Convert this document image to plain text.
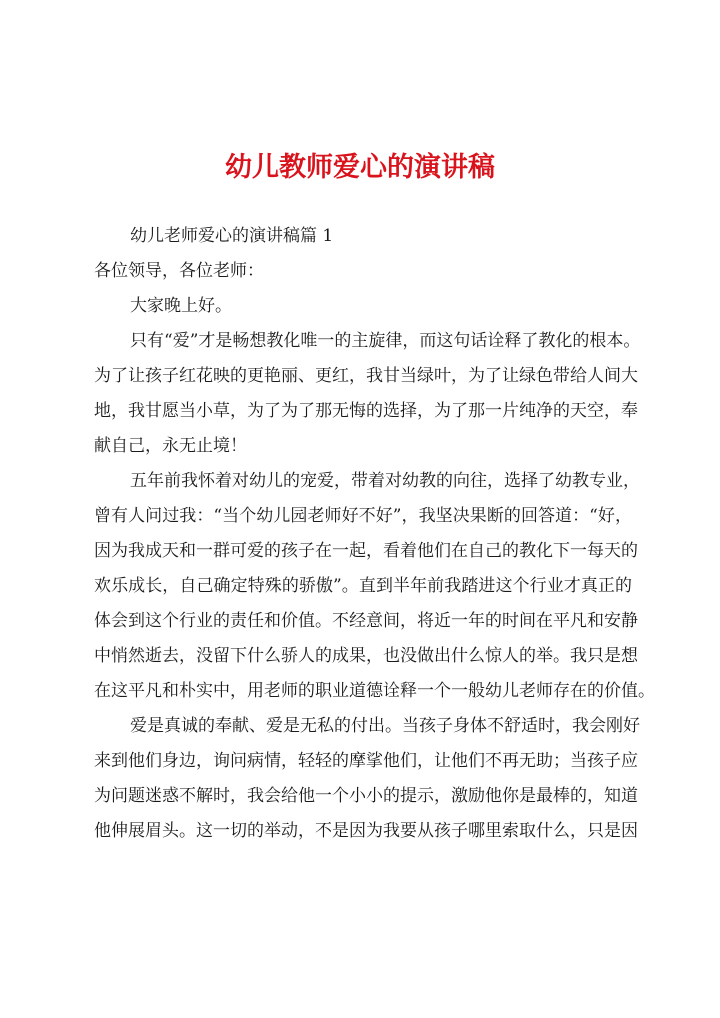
幼儿教师爱心的演讲稿
幼儿老师爱心的演讲稿篇 1
各位领导，各位老师：
大家晚上好。
只有“爱”才是畅想教化唯一的主旋律，而这句话诠释了教化的根本。
为了让孩子红花映的更艳丽、更红，我甘当绿叶，为了让绿色带给人间大
地，我甘愿当小草，为了为了那无悔的选择，为了那一片纯净的天空，奉
献自己，永无止境！
五年前我怀着对幼儿的宠爱，带着对幼教的向往，选择了幼教专业，
曾有人问过我：“当个幼儿园老师好不好”，我坚决果断的回答道：“好，
因为我成天和一群可爱的孩子在一起，看着他们在自己的教化下一每天的
欢乐成长，自己确定特殊的骄傲”。直到半年前我踏进这个行业才真正的
体会到这个行业的责任和价值。不经意间，将近一年的时间在平凡和安静
中悄然逝去，没留下什么骄人的成果，也没做出什么惊人的举。我只是想
在这平凡和朴实中，用老师的职业道德诠释一个一般幼儿老师存在的价值。
爱是真诚的奉献、爱是无私的付出。当孩子身体不舒适时，我会刚好
来到他们身边，询问病情，轻轻的摩挲他们，让他们不再无助；当孩子应
为问题迷惑不解时，我会给他一个小小的提示，激励他你是最棒的，知道
他伸展眉头。这一切的举动，不是因为我要从孩子哪里索取什么，只是因
